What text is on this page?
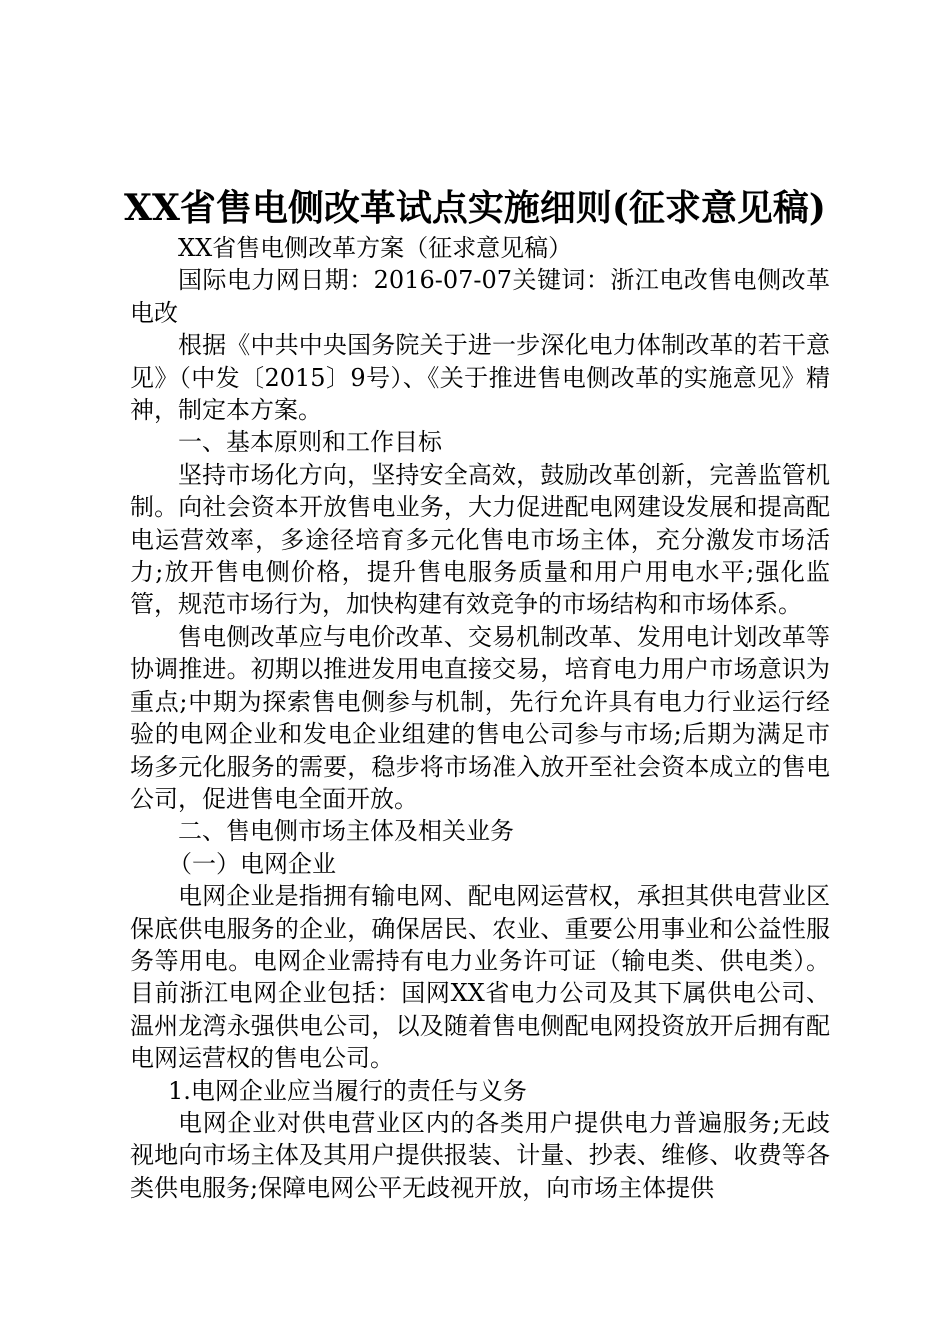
XX省售电侧改革试点实施细则(征求意见稿)

XX省售电侧改革方案（征求意见稿）

国际电力网日期：2016-07-07关键词：浙江电改售电侧改革电改

根据《中共中央国务院关于进一步深化电力体制改革的若干意见》（中发〔2015〕9号）、《关于推进售电侧改革的实施意见》精神，制定本方案。

一、基本原则和工作目标

坚持市场化方向，坚持安全高效，鼓励改革创新，完善监管机制。向社会资本开放售电业务，大力促进配电网建设发展和提高配电运营效率，多途径培育多元化售电市场主体，充分激发市场活力;放开售电侧价格，提升售电服务质量和用户用电水平;强化监管，规范市场行为，加快构建有效竞争的市场结构和市场体系。

售电侧改革应与电价改革、交易机制改革、发用电计划改革等协调推进。初期以推进发用电直接交易，培育电力用户市场意识为重点;中期为探索售电侧参与机制，先行允许具有电力行业运行经验的电网企业和发电企业组建的售电公司参与市场;后期为满足市场多元化服务的需要，稳步将市场准入放开至社会资本成立的售电公司，促进售电全面开放。

二、售电侧市场主体及相关业务

（一）电网企业

电网企业是指拥有输电网、配电网运营权，承担其供电营业区保底供电服务的企业，确保居民、农业、重要公用事业和公益性服务等用电。电网企业需持有电力业务许可证（输电类、供电类）。目前浙江电网企业包括：国网XX省电力公司及其下属供电公司、温州龙湾永强供电公司，以及随着售电侧配电网投资放开后拥有配电网运营权的售电公司。

1.电网企业应当履行的责任与义务

电网企业对供电营业区内的各类用户提供电力普遍服务;无歧视地向市场主体及其用户提供报装、计量、抄表、维修、收费等各类供电服务;保障电网公平无歧视开放，向市场主体提供
